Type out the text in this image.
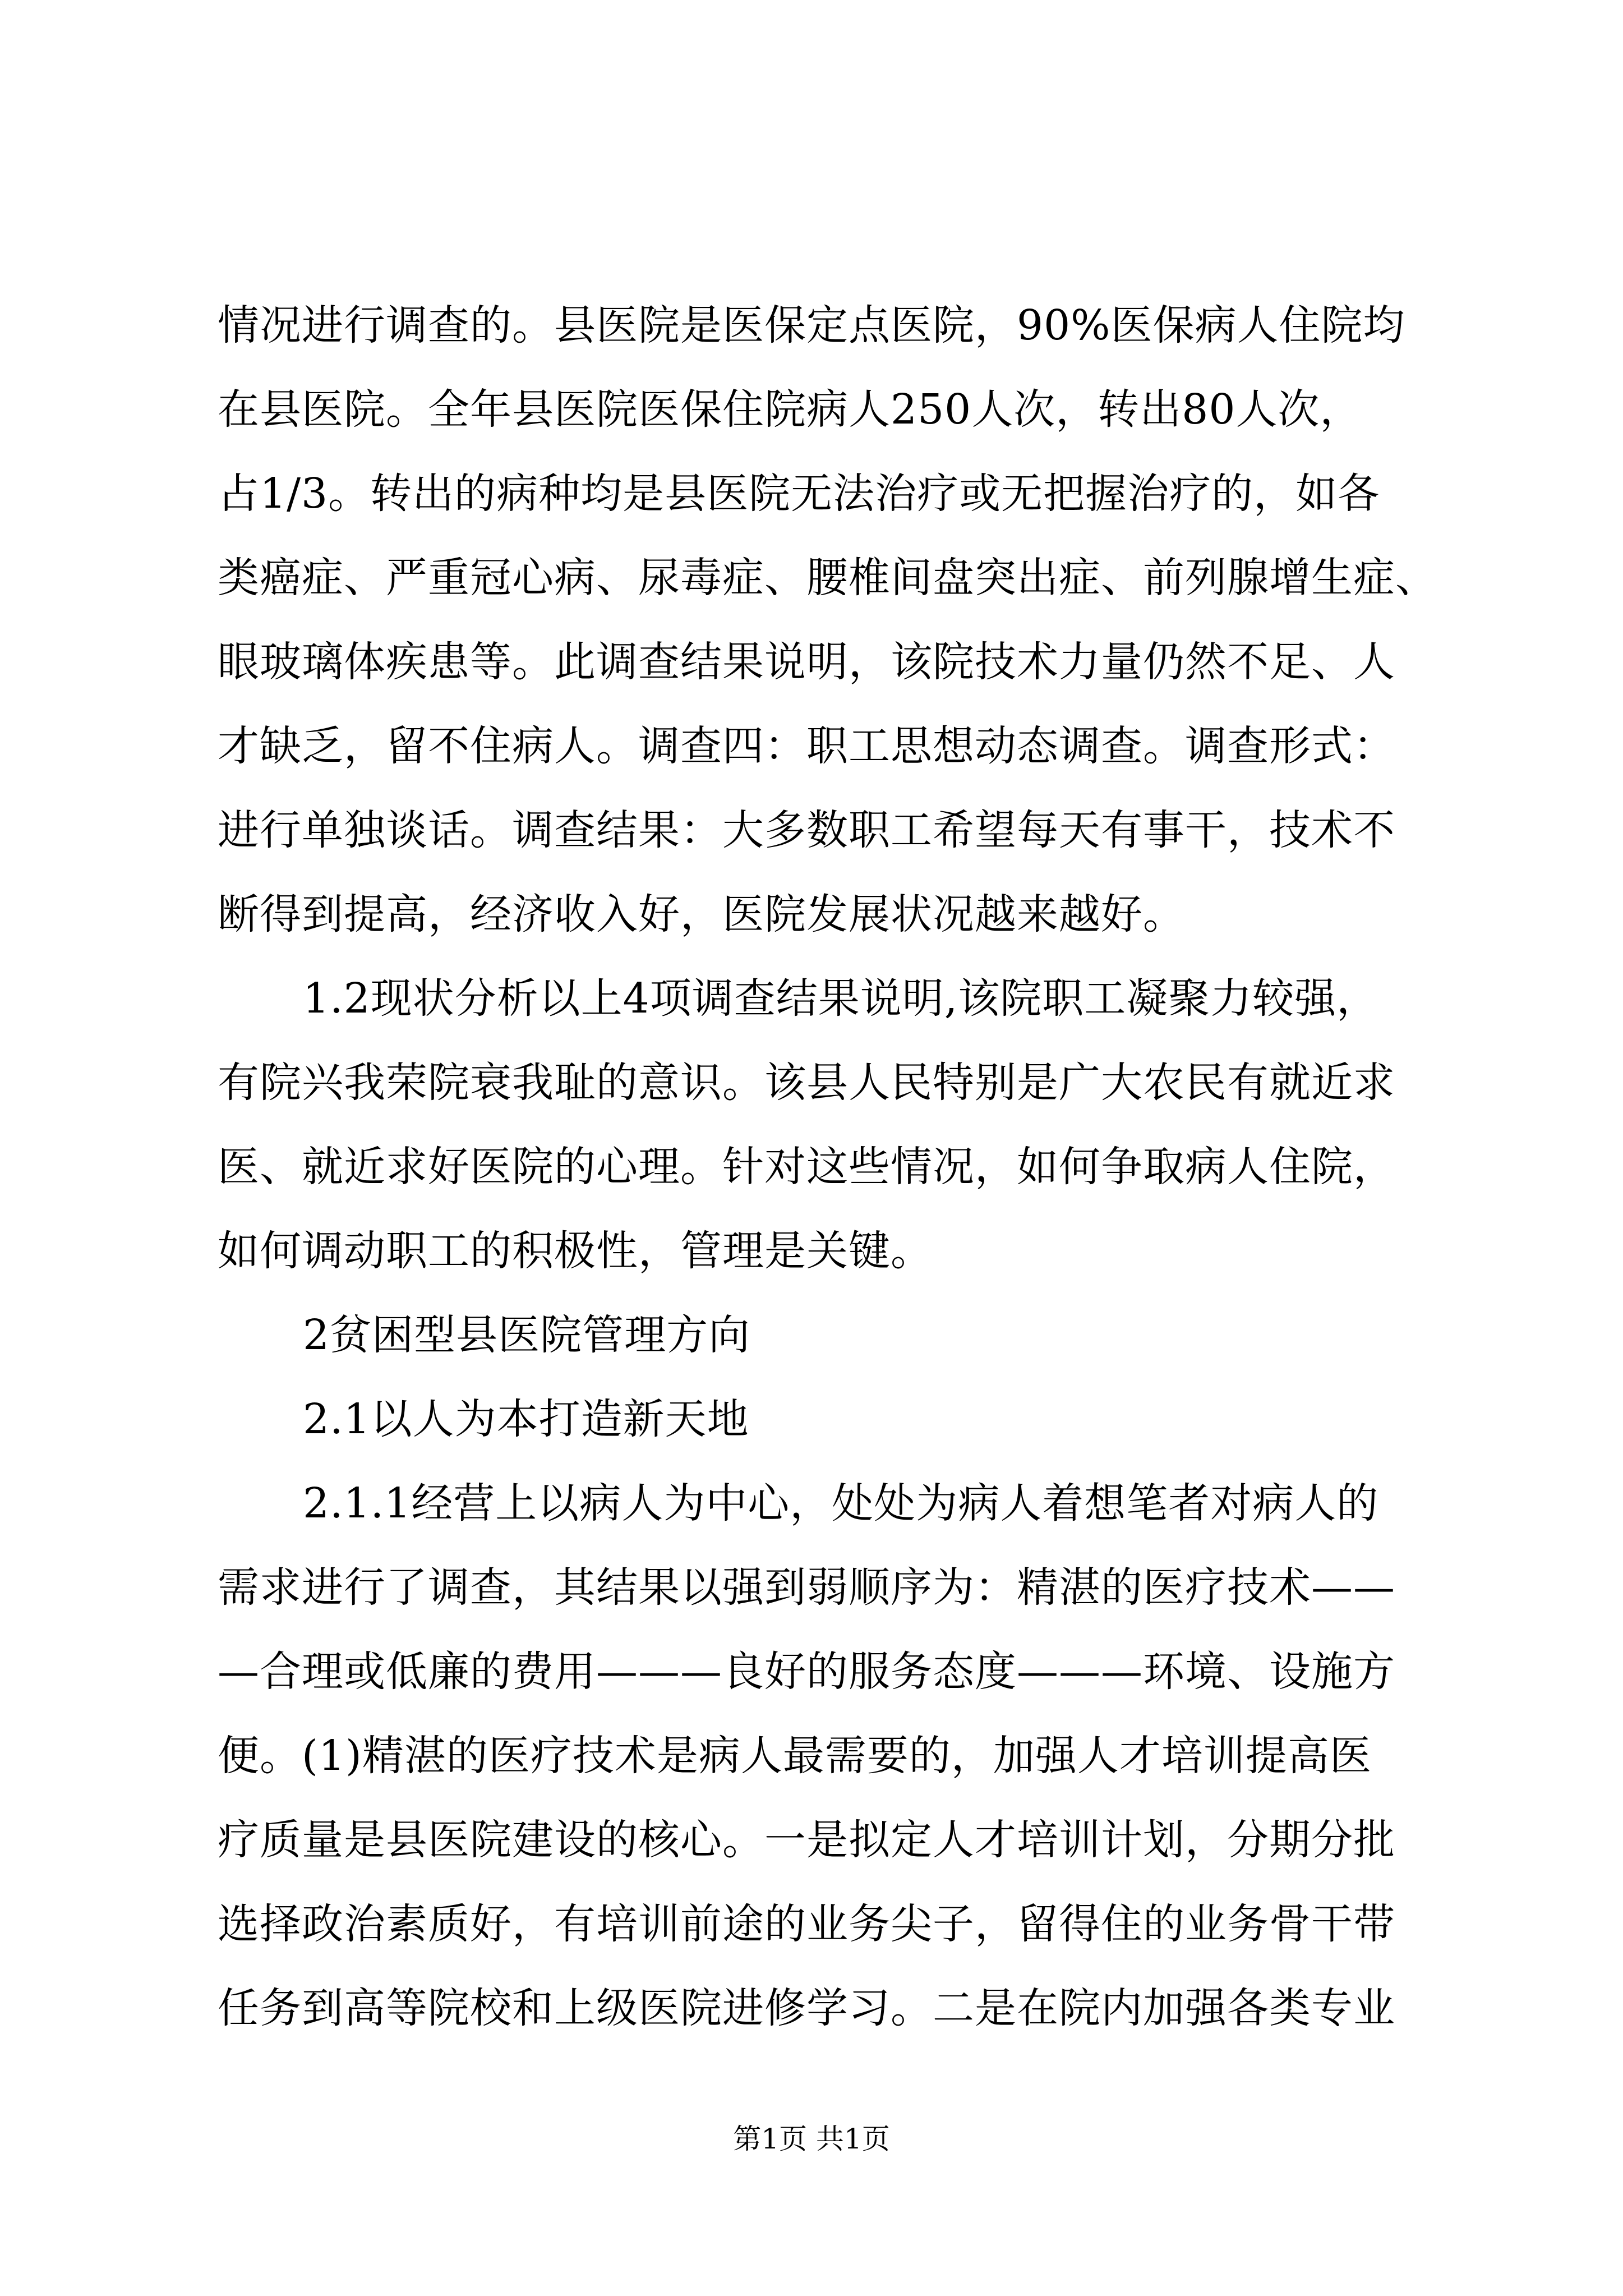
情况进行调查的。县医院是医保定点医院，90%医保病人住院均
在县医院。全年县医院医保住院病人250人次，转出80人次，
占1/3。转出的病种均是县医院无法治疗或无把握治疗的，如各
类癌症、严重冠心病、尿毒症、腰椎间盘突出症、前列腺增生症、
眼玻璃体疾患等。此调查结果说明，该院技术力量仍然不足、人
才缺乏，留不住病人。调查四：职工思想动态调查。调查形式：
进行单独谈话。调查结果：大多数职工希望每天有事干，技术不
断得到提高，经济收入好，医院发展状况越来越好。
1.2现状分析以上4项调查结果说明,该院职工凝聚力较强，
有院兴我荣院衰我耻的意识。该县人民特别是广大农民有就近求
医、就近求好医院的心理。针对这些情况，如何争取病人住院，
如何调动职工的积极性，管理是关键。
2贫困型县医院管理方向
2.1以人为本打造新天地
2.1.1经营上以病人为中心，处处为病人着想笔者对病人的
需求进行了调查，其结果以强到弱顺序为：精湛的医疗技术——
—合理或低廉的费用———良好的服务态度———环境、设施方
便。(1)精湛的医疗技术是病人最需要的，加强人才培训提高医
疗质量是县医院建设的核心。一是拟定人才培训计划，分期分批
选择政治素质好，有培训前途的业务尖子，留得住的业务骨干带
任务到高等院校和上级医院进修学习。二是在院内加强各类专业
第1页 共1页
